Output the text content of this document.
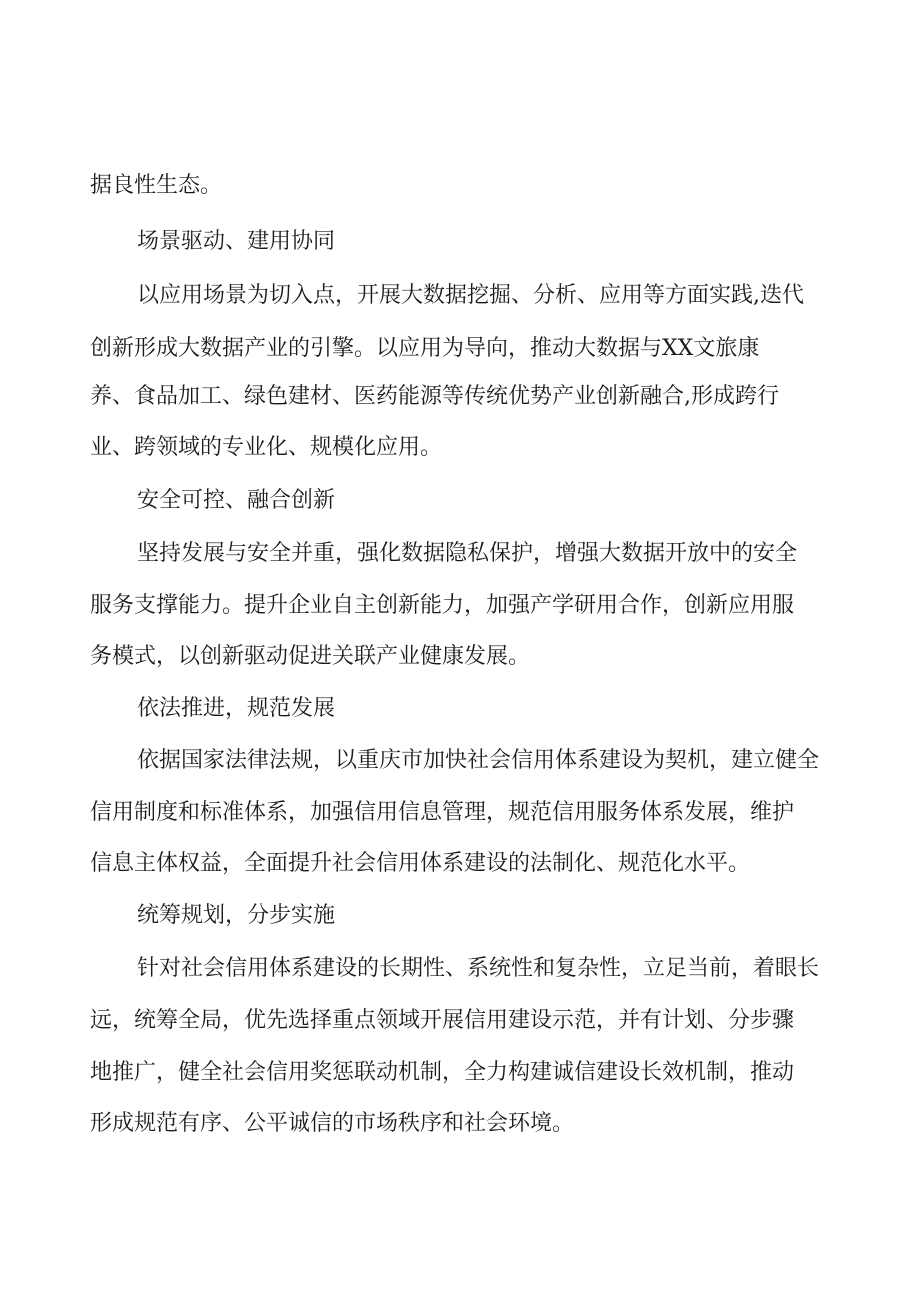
据良性生态。

场景驱动、建用协同

以应用场景为切入点，开展大数据挖掘、分析、应用等方面实践,迭代

创新形成大数据产业的引擎。以应用为导向，推动大数据与XX文旅康

养、食品加工、绿色建材、医药能源等传统优势产业创新融合,形成跨行

业、跨领域的专业化、规模化应用。

安全可控、融合创新

坚持发展与安全并重，强化数据隐私保护，增强大数据开放中的安全

服务支撑能力。提升企业自主创新能力，加强产学研用合作，创新应用服

务模式，以创新驱动促进关联产业健康发展。

依法推进，规范发展

依据国家法律法规，以重庆市加快社会信用体系建设为契机，建立健全

信用制度和标准体系，加强信用信息管理，规范信用服务体系发展，维护

信息主体权益，全面提升社会信用体系建设的法制化、规范化水平。

统筹规划，分步实施

针对社会信用体系建设的长期性、系统性和复杂性，立足当前，着眼长

远，统筹全局，优先选择重点领域开展信用建设示范，并有计划、分步骤

地推广，健全社会信用奖惩联动机制，全力构建诚信建设长效机制，推动

形成规范有序、公平诚信的市场秩序和社会环境。
